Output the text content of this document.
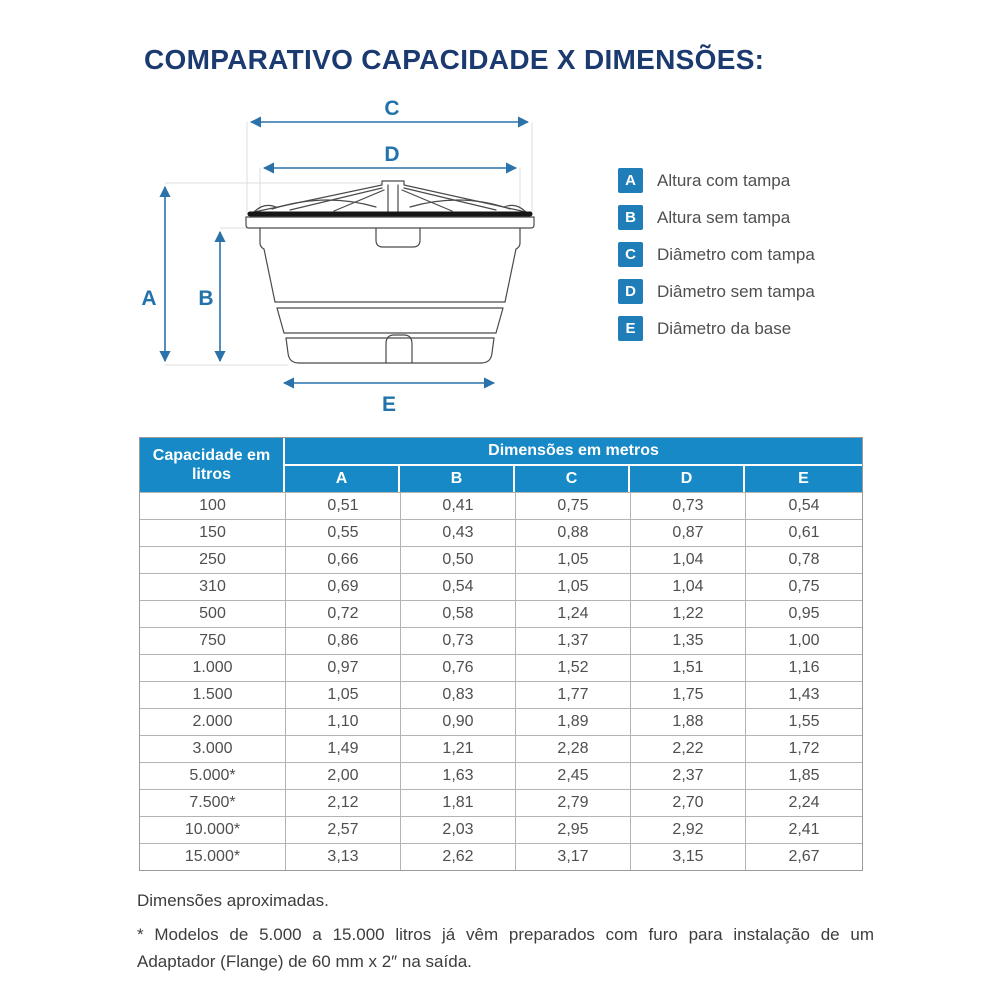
COMPARATIVO CAPACIDADE X DIMENSÕES:
C
D
A B
E
A	Altura com tampa
B	Altura sem tampa
C	Diâmetro com tampa
D	Diâmetro sem tampa
E	Diâmetro da base
Capacidade em litros	Dimensões em metros				
	A	B	C	D	E
100	0,51	0,41	0,75	0,73	0,54
150	0,55	0,43	0,88	0,87	0,61
250	0,66	0,50	1,05	1,04	0,78
310	0,69	0,54	1,05	1,04	0,75
500	0,72	0,58	1,24	1,22	0,95
750	0,86	0,73	1,37	1,35	1,00
1.000	0,97	0,76	1,52	1,51	1,16
1.500	1,05	0,83	1,77	1,75	1,43
2.000	1,10	0,90	1,89	1,88	1,55
3.000	1,49	1,21	2,28	2,22	1,72
5.000*	2,00	1,63	2,45	2,37	1,85
7.500*	2,12	1,81	2,79	2,70	2,24
10.000*	2,57	2,03	2,95	2,92	2,41
15.000*	3,13	2,62	3,17	3,15	2,67

Dimensões aproximadas.

* Modelos de 5.000 a 15.000 litros já vêm preparados com furo para instalação de um
Adaptador (Flange) de 60 mm x 2″ na saída.
